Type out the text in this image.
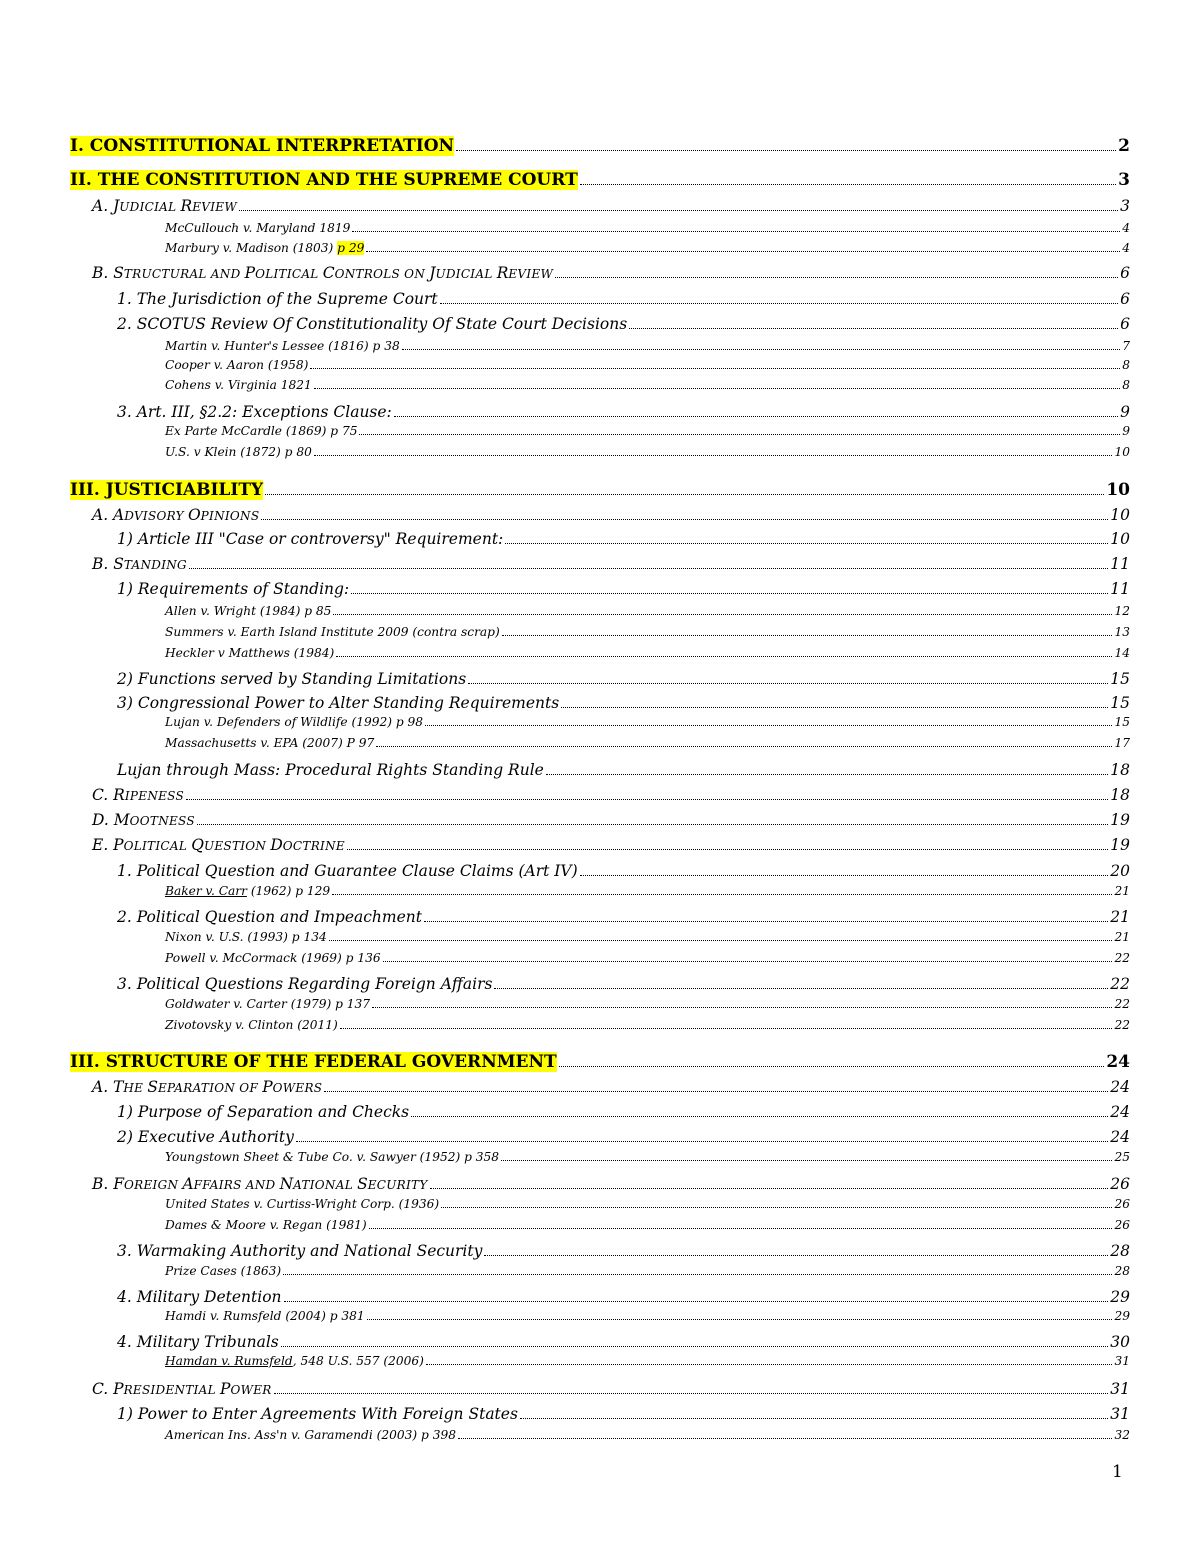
I. CONSTITUTIONAL INTERPRETATION	2
II. THE CONSTITUTION AND THE SUPREME COURT	3
A. JUDICIAL REVIEW	3
McCullouch v. Maryland 1819	4
Marbury v. Madison (1803) p 29	4
B. STRUCTURAL AND POLITICAL CONTROLS ON JUDICIAL REVIEW	6
1. The Jurisdiction of the Supreme Court	6
2. SCOTUS Review Of Constitutionality Of State Court Decisions	6
Martin v. Hunter's Lessee (1816) p 38	7
Cooper v. Aaron (1958)	8
Cohens v. Virginia 1821	8
3. Art. III, §2.2: Exceptions Clause:	9
Ex Parte McCardle (1869) p 75	9
U.S. v Klein (1872) p 80	10
III. JUSTICIABILITY	10
A. ADVISORY OPINIONS	10
1) Article III "Case or controversy" Requirement:	10
B. STANDING	11
1) Requirements of Standing:	11
Allen v. Wright (1984) p 85	12
Summers v. Earth Island Institute 2009 (contra scrap)	13
Heckler v Matthews (1984)	14
2) Functions served by Standing Limitations	15
3) Congressional Power to Alter Standing Requirements	15
Lujan v. Defenders of Wildlife (1992) p 98	15
Massachusetts v. EPA (2007) P 97	17
Lujan through Mass: Procedural Rights Standing Rule	18
C. RIPENESS	18
D. MOOTNESS	19
E. POLITICAL QUESTION DOCTRINE	19
1. Political Question and Guarantee Clause Claims (Art IV)	20
Baker v. Carr (1962) p 129	21
2. Political Question and Impeachment	21
Nixon v. U.S. (1993) p 134	21
Powell v. McCormack (1969) p 136	22
3. Political Questions Regarding Foreign Affairs	22
Goldwater v. Carter (1979) p 137	22
Zivotovsky v. Clinton (2011)	22
III. STRUCTURE OF THE FEDERAL GOVERNMENT	24
A. THE SEPARATION OF POWERS	24
1) Purpose of Separation and Checks	24
2) Executive Authority	24
Youngstown Sheet & Tube Co. v. Sawyer (1952) p 358	25
B. FOREIGN AFFAIRS AND NATIONAL SECURITY	26
United States v. Curtiss-Wright Corp. (1936)	26
Dames & Moore v. Regan (1981)	26
3. Warmaking Authority and National Security	28
Prize Cases (1863)	28
4. Military Detention	29
Hamdi v. Rumsfeld (2004) p 381	29
4. Military Tribunals	30
Hamdan v. Rumsfeld, 548 U.S. 557 (2006)	31
C. PRESIDENTIAL POWER	31
1) Power to Enter Agreements With Foreign States	31
American Ins. Ass'n v. Garamendi (2003) p 398	32
1
